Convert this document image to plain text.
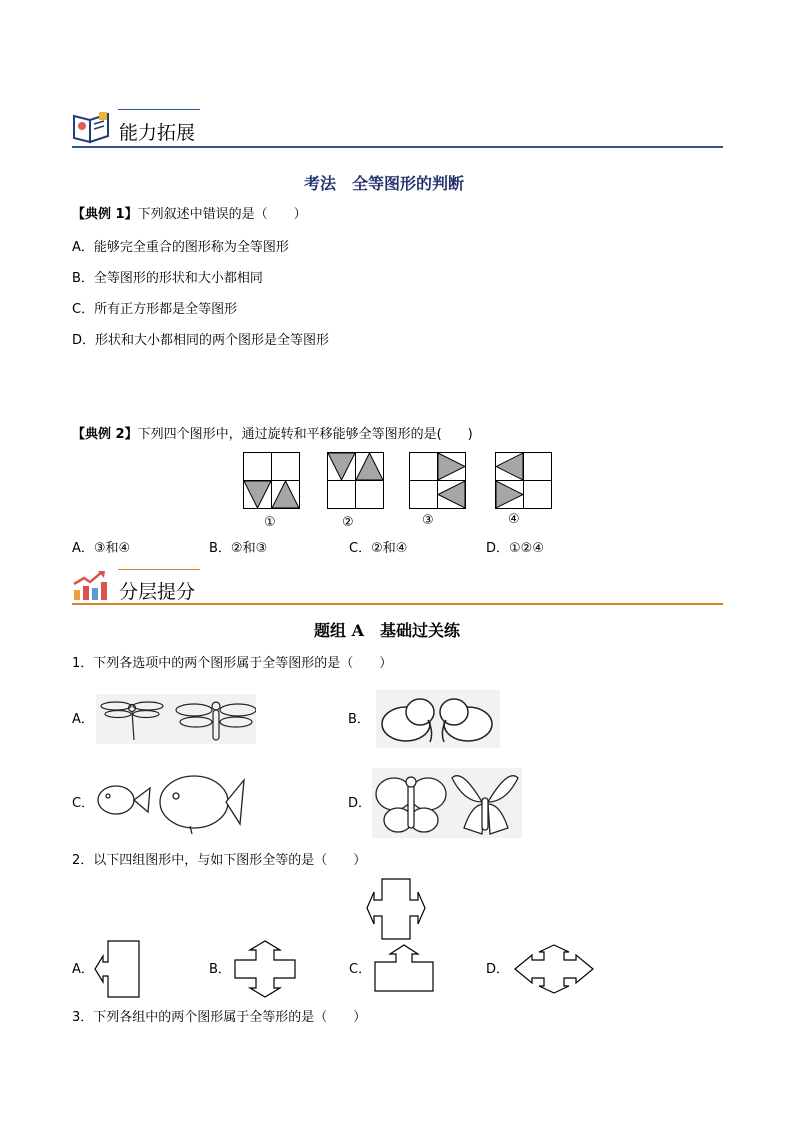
能力拓展
考法　全等图形的判断
【典例 1】下列叙述中错误的是（　　）
A．能够完全重合的图形称为全等图形
B．全等图形的形状和大小都相同
C．所有正方形都是全等图形
D．形状和大小都相同的两个图形是全等图形
【典例 2】下列四个图形中，通过旋转和平移能够全等图形的是(　　)
①	②	③	④
A．③和④	B．②和③	C．②和④	D．①②④
分层提分
题组 A　基础过关练
1．下列各选项中的两个图形属于全等图形的是（　　）
A．	B．
C．	D．
2．以下四组图形中，与如下图形全等的是（　　）
A．	B．	C．	D．
3．下列各组中的两个图形属于全等形的是（　　）
